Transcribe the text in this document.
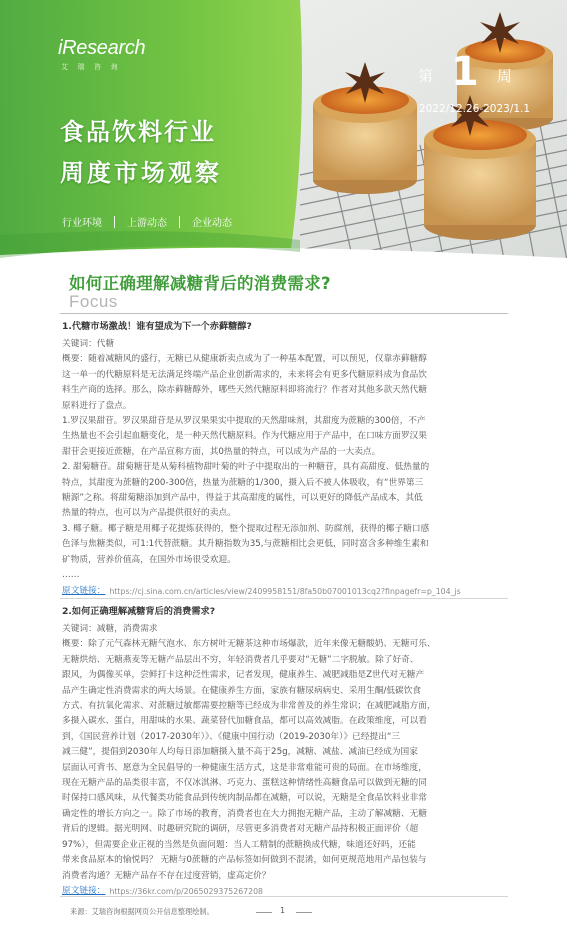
iResearch
艾瑞咨询
食品饮料行业
周度市场观察
行业环境	上游动态	企业动态
第 1 周
2022/12.26-2023/1.1
如何正确理解减糖背后的消费需求?
Focus
1.代糖市场激战！谁有望成为下一个赤藓糖醇?
关键词：代糖
概要：随着减糖风的盛行，无糖已从健康新卖点成为了一种基本配置，可以预见，仅靠赤藓糖醇
这一单一的代糖原料是无法满足终端产品企业创新需求的，未来将会有更多代糖原料成为食品饮
料生产商的选择。那么，除赤藓糖醇外，哪些天然代糖原料即将流行？作者对其他多款天然代糖
原料进行了盘点。
1.罗汉果甜苷。罗汉果甜苷是从罗汉果果实中提取的天然甜味剂，其甜度为蔗糖的300倍，不产
生热量也不会引起血糖变化，是一种天然代糖原料。作为代糖应用于产品中，在口味方面罗汉果
甜苷会更接近蔗糖，在产品宣称方面，其0热量的特点，可以成为产品的一大卖点。
2. 甜菊糖苷。甜菊糖苷是从菊科植物甜叶菊的叶子中提取出的一种糖苷，具有高甜度、低热量的
特点，其甜度为蔗糖的200-300倍，热量为蔗糖的1/300，摄入后不被人体吸收，有“世界第三
糖源”之称。将甜菊糖添加到产品中，得益于其高甜度的属性，可以更好的降低产品成本，其低
热量的特点，也可以为产品提供很好的卖点。
3. 椰子糖。椰子糖是用椰子花提炼获得的，整个提取过程无添加剂、防腐剂，获得的椰子糖口感
色泽与焦糖类似，可1:1代替蔗糖。其升糖指数为35,与蔗糖相比会更低，同时富含多种维生素和
矿物质，营养价值高，在国外市场很受欢迎。
……
原文链接： https://cj.sina.com.cn/articles/view/2409958151/8fa50b07001013cq2?finpagefr=p_104_js
2.如何正确理解减糖背后的消费需求?
关键词：减糖，消费需求
概要：除了元气森林无糖气泡水、东方树叶无糖茶这种市场爆款，近年来像无糖酸奶、无糖可乐、
无糖烘焙、无糖燕麦等无糖产品层出不穷，年轻消费者几乎要对“无糖”二字脱敏。除了好奇、
跟风，为偶像买单，尝鲜打卡这种泛性需求，记者发现，健康养生、减肥减脂是Z世代对无糖产
品产生确定性消费需求的两大场景。在健康养生方面，家族有糖尿病病史、采用生酮/低碳饮食
方式、有抗氧化需求、对蔗糖过敏都需要控糖等已经成为非常普及的养生常识；在减肥减脂方面，
多摄入碳水、蛋白，用甜味的水果、蔬菜替代加糖食品，都可以高效减脂。在政策维度，可以看
到，《国民营养计划（2017-2030年）》、《健康中国行动（2019-2030年）》已经提出“三
减三健”，提倡到2030年人均每日添加糖摄入量不高于25g，减糖、减盐、减油已经成为国家
层面认可背书、愿意为全民倡导的一种健康生活方式，这是非常难能可贵的局面。在市场维度，
现在无糖产品的品类很丰富，不仅冰淇淋、巧克力、蛋糕这种情绪性高糖食品可以做到无糖的同
时保持口感风味，从代餐类功能食品到传统肉制品都在减糖，可以说，无糖是全食品饮料业非常
确定性的增长方向之一。除了市场的教育，消费者也在大力拥抱无糖产品，主动了解减糖、无糖
背后的逻辑。据光明网、时趣研究院的调研，尽管更多消费者对无糖产品持积极正面评价（超
97%），但需要企业正视的当然是负面问题：当人工精制的蔗糖换成代糖，味道还好吗，还能
带来食品原本的愉悦吗？ 无糖与0蔗糖的产品标签如何做到不混淆，如何更规范地用产品包装与
消费者沟通？无糖产品存不存在过度营销，虚高定价？
原文链接： https://36kr.com/p/2065029375267208
来源：艾瑞咨询根据网页公开信息整理绘制。	1
